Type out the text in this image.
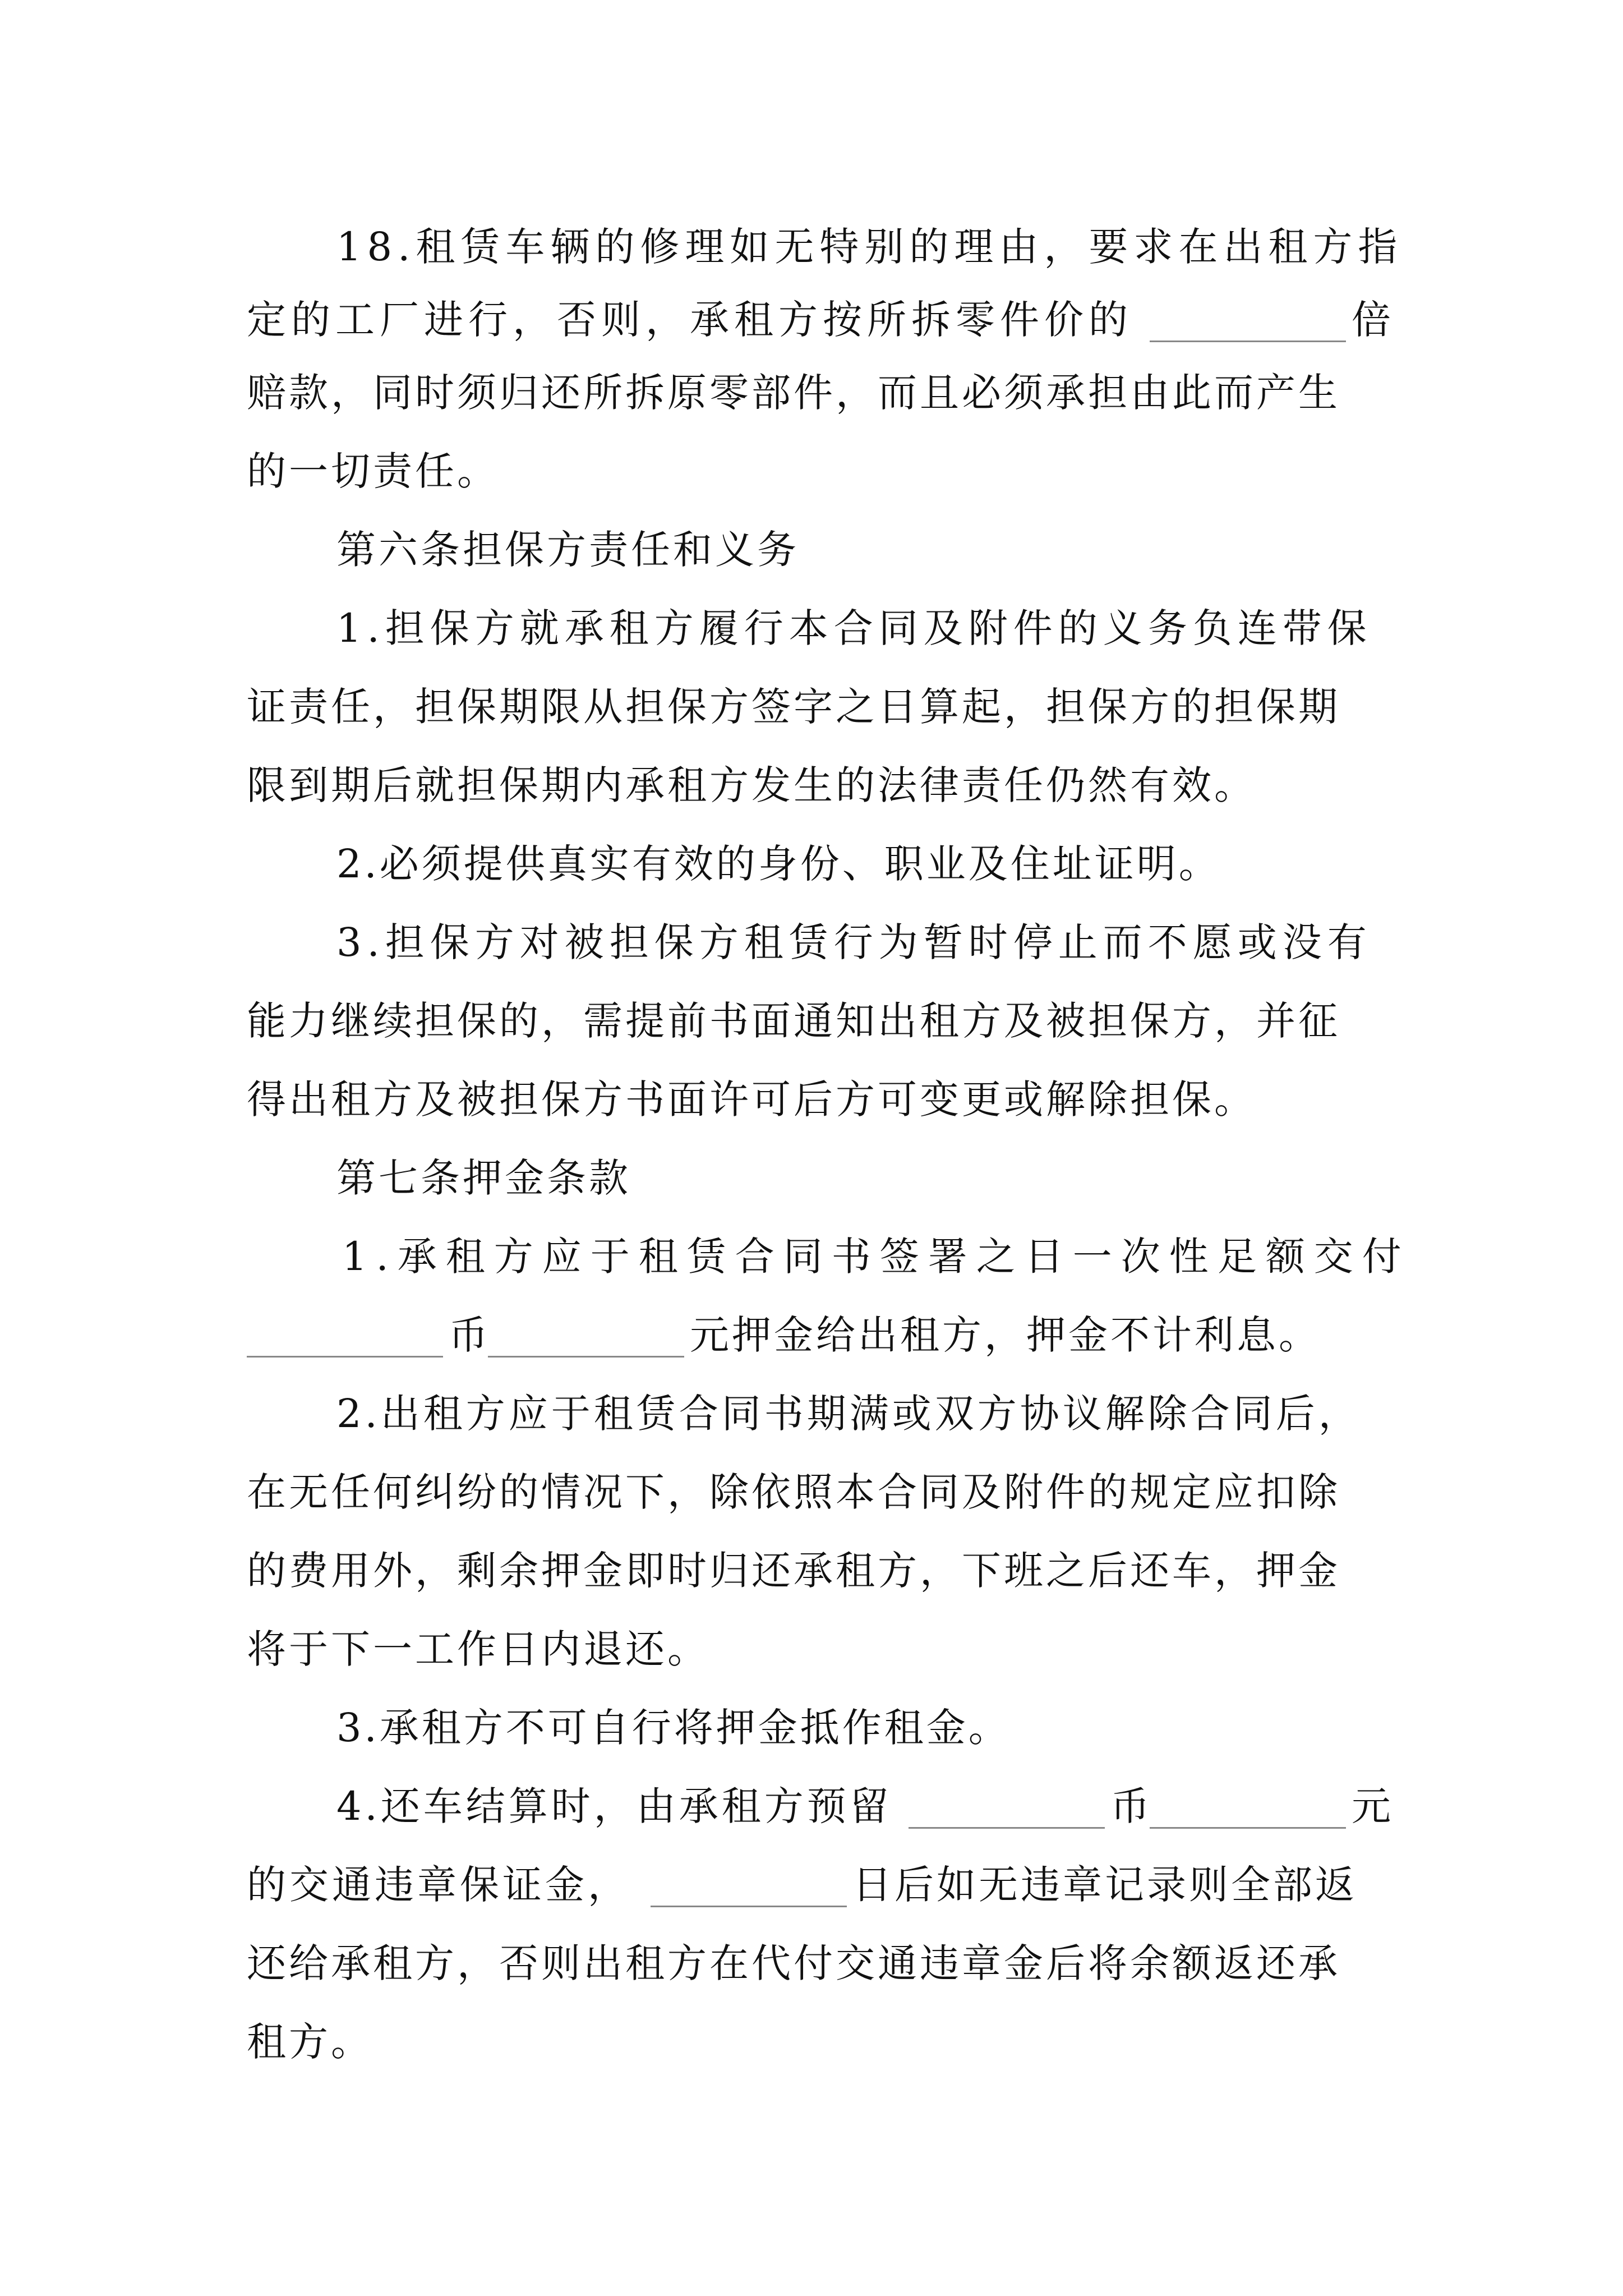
18.租赁车辆的修理如无特别的理由，要求在出租方指
定的工厂进行，否则，承租方按所拆零件价的	倍
赔款，同时须归还所拆原零部件，而且必须承担由此而产生
的一切责任。
第六条担保方责任和义务
1.担保方就承租方履行本合同及附件的义务负连带保
证责任，担保期限从担保方签字之日算起，担保方的担保期
限到期后就担保期内承租方发生的法律责任仍然有效。
2.必须提供真实有效的身份、职业及住址证明。
3.担保方对被担保方租赁行为暂时停止而不愿或没有
能力继续担保的，需提前书面通知出租方及被担保方，并征
得出租方及被担保方书面许可后方可变更或解除担保。
第七条押金条款
1.承租方应于租赁合同书签署之日一次性足额交付
币	元押金给出租方，押金不计利息。
2.出租方应于租赁合同书期满或双方协议解除合同后，
在无任何纠纷的情况下，除依照本合同及附件的规定应扣除
的费用外，剩余押金即时归还承租方，下班之后还车，押金
将于下一工作日内退还。
3.承租方不可自行将押金抵作租金。
4.还车结算时，由承租方预留	币	元
的交通违章保证金，	日后如无违章记录则全部返
还给承租方，否则出租方在代付交通违章金后将余额返还承
租方。
